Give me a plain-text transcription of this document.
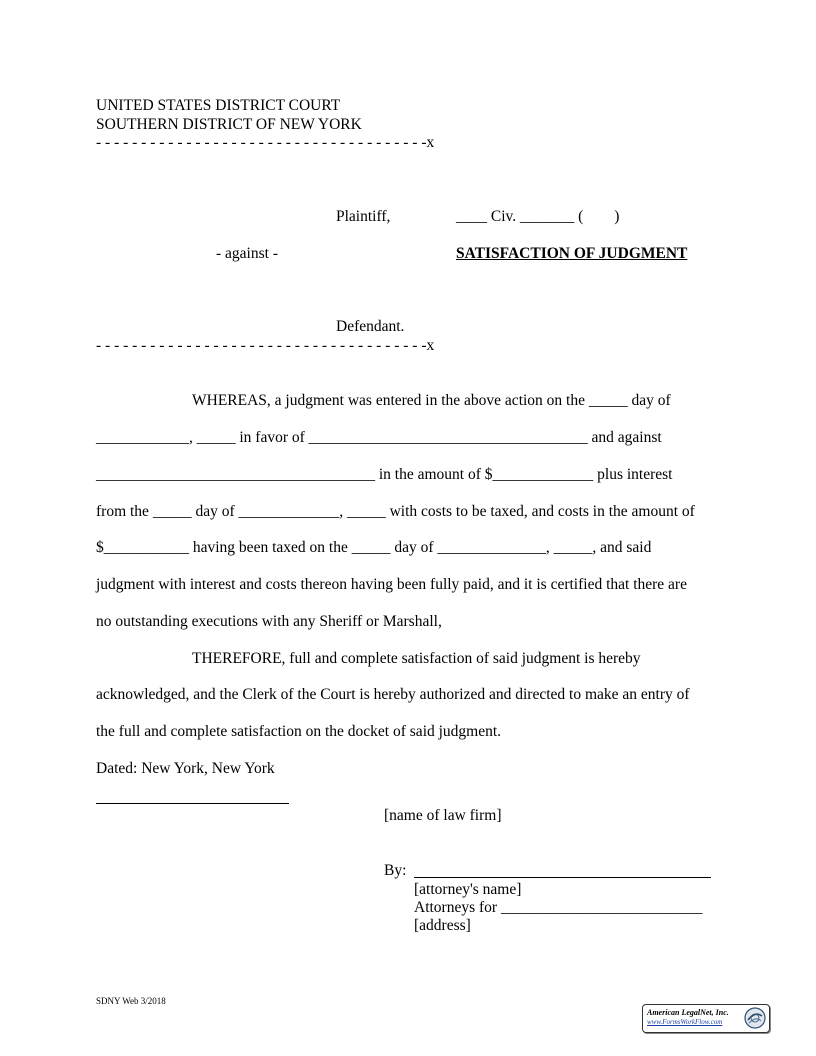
UNITED STATES DISTRICT COURT
SOUTHERN DISTRICT OF NEW YORK
- - - - - - - - - - - - - - - - - - - - - - - - - - - - - - - - - - - - -x
Plaintiff,	____ Civ. _______ (        )
- against -	SATISFACTION OF JUDGMENT
Defendant.
- - - - - - - - - - - - - - - - - - - - - - - - - - - - - - - - - - - - -x
WHEREAS, a judgment was entered in the above action on the _____ day of
____________, _____ in favor of ____________________________________ and against
____________________________________ in the amount of $_____________ plus interest
from the _____ day of _____________, _____ with costs to be taxed, and costs in the amount of
$___________ having been taxed on the _____ day of ______________, _____, and said
judgment with interest and costs thereon having been fully paid, and it is certified that there are
no outstanding executions with any Sheriff or Marshall,
THEREFORE, full and complete satisfaction of said judgment is hereby
acknowledged, and the Clerk of the Court is hereby authorized and directed to make an entry of
the full and complete satisfaction on the docket of said judgment.
Dated: New York, New York
[name of law firm]
By:
[attorney's name]
Attorneys for __________________________
[address]
SDNY Web 3/2018
American LegalNet, Inc.
www.FormsWorkFlow.com
